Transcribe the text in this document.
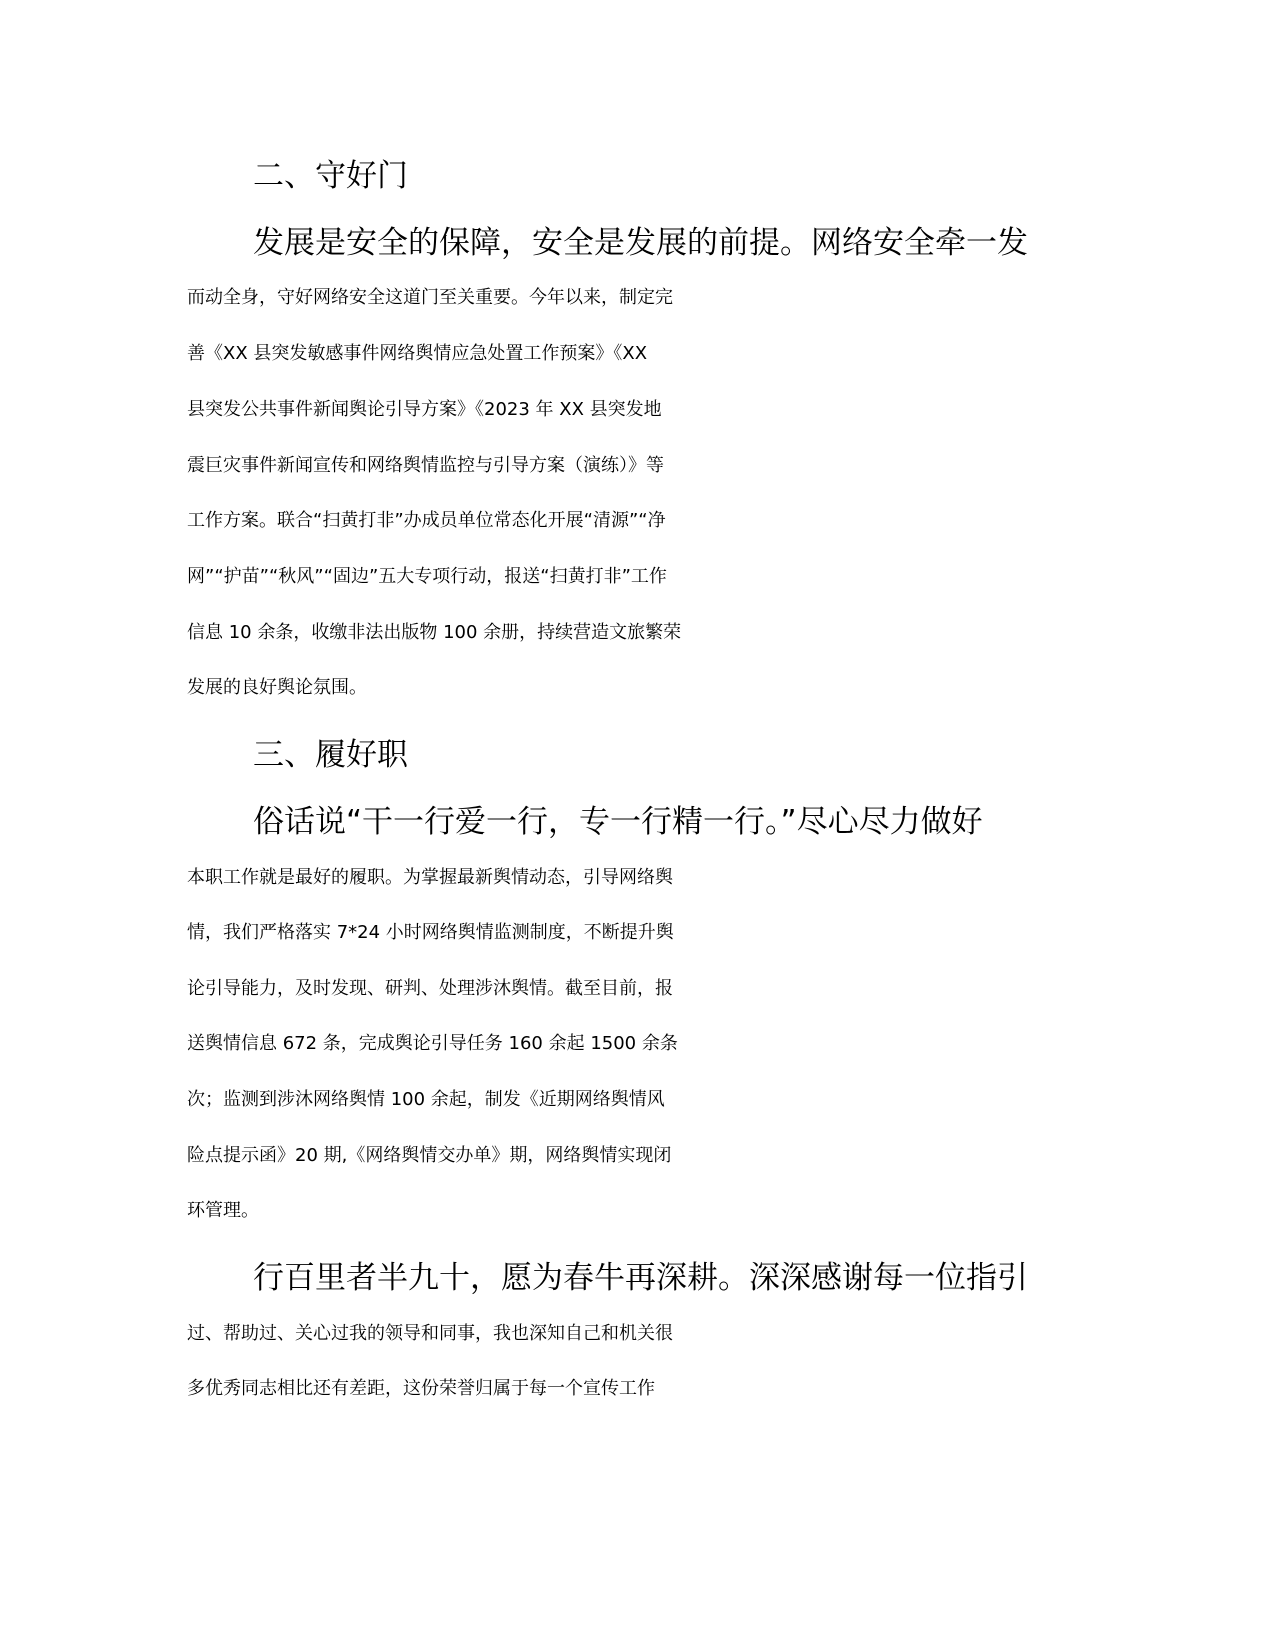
二、守好门

发展是安全的保障，安全是发展的前提。网络安全牵一发

而动全身，守好网络安全这道门至关重要。今年以来，制定完

善《XX 县突发敏感事件网络舆情应急处置工作预案》《XX

县突发公共事件新闻舆论引导方案》《2023 年 XX 县突发地

震巨灾事件新闻宣传和网络舆情监控与引导方案（演练）》等

工作方案。联合“扫黄打非”办成员单位常态化开展“清源”“净

网”“护苗”“秋风”“固边”五大专项行动，报送“扫黄打非”工作

信息 10 余条，收缴非法出版物 100 余册，持续营造文旅繁荣

发展的良好舆论氛围。

三、履好职

俗话说“干一行爱一行，专一行精一行。”尽心尽力做好

本职工作就是最好的履职。为掌握最新舆情动态，引导网络舆

情，我们严格落实 7*24 小时网络舆情监测制度，不断提升舆

论引导能力，及时发现、研判、处理涉沐舆情。截至目前，报

送舆情信息 672 条，完成舆论引导任务 160 余起 1500 余条

次；监测到涉沐网络舆情 100 余起，制发《近期网络舆情风

险点提示函》20 期,《网络舆情交办单》期，网络舆情实现闭

环管理。

行百里者半九十，愿为春牛再深耕。深深感谢每一位指引

过、帮助过、关心过我的领导和同事，我也深知自己和机关很

多优秀同志相比还有差距，这份荣誉归属于每一个宣传工作
